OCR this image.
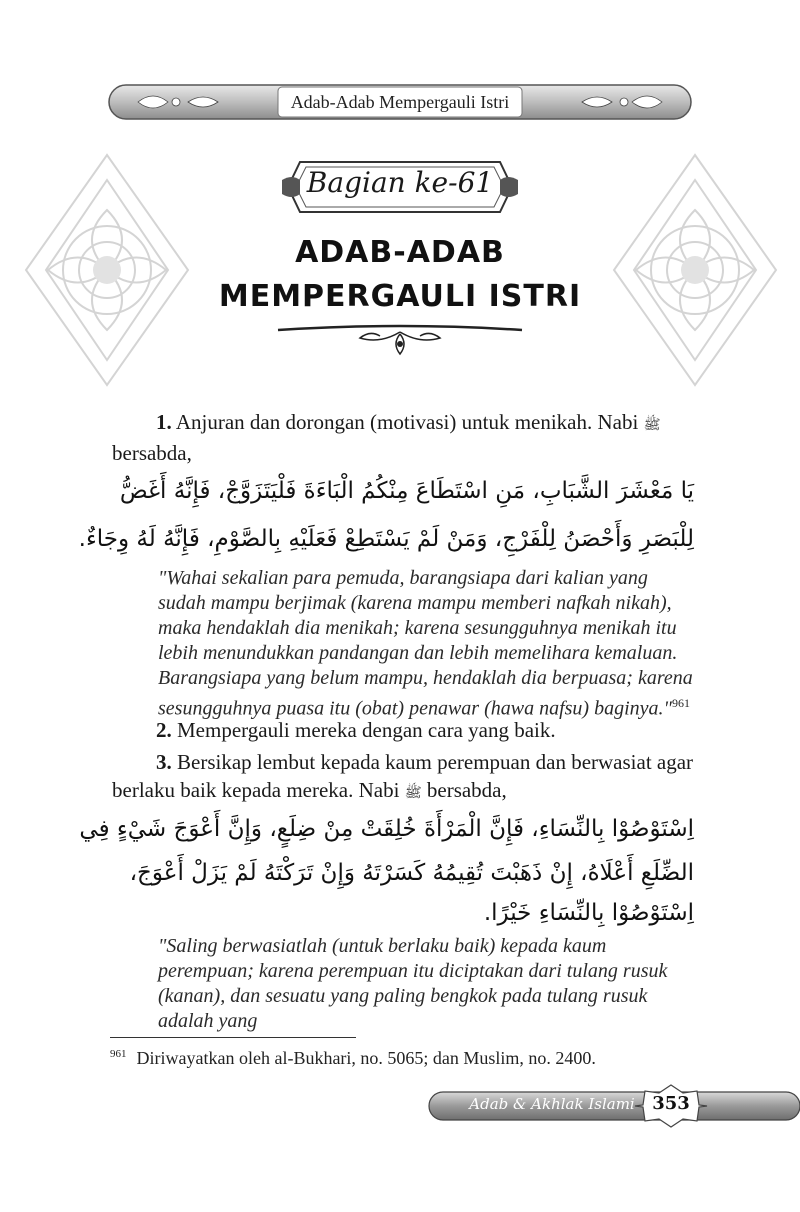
Adab-Adab Mempergauli Istri
Bagian ke-61
ADAB-ADAB
MEMPERGAULI ISTRI

1. Anjuran dan dorongan (motivasi) untuk menikah. Nabi ﷺ bersabda,

يَا مَعْشَرَ الشَّبَابِ، مَنِ اسْتَطَاعَ مِنْكُمُ الْبَاءَةَ فَلْيَتَزَوَّجْ، فَإِنَّهُ أَغَضُّ
لِلْبَصَرِ وَأَحْصَنُ لِلْفَرْجِ، وَمَنْ لَمْ يَسْتَطِعْ فَعَلَيْهِ بِالصَّوْمِ، فَإِنَّهُ لَهُ وِجَاءٌ.

"Wahai sekalian para pemuda, barangsiapa dari kalian yang sudah mampu berjimak (karena mampu memberi nafkah nikah), maka hendaklah dia menikah; karena sesungguhnya menikah itu lebih menundukkan pandangan dan lebih memelihara kemaluan. Barangsiapa yang belum mampu, hendaklah dia berpuasa; karena sesungguhnya puasa itu (obat) penawar (hawa nafsu) baginya."$^{961}$

2. Mempergauli mereka dengan cara yang baik.

3. Bersikap lembut kepada kaum perempuan dan berwasiat agar berlaku baik kepada mereka. Nabi ﷺ bersabda,

اِسْتَوْصُوْا بِالنِّسَاءِ، فَإِنَّ الْمَرْأَةَ خُلِقَتْ مِنْ ضِلَعٍ، وَإِنَّ أَعْوَجَ شَيْءٍ فِي
الضِّلَعِ أَعْلَاهُ، إِنْ ذَهَبْتَ تُقِيمُهُ كَسَرْتَهُ وَإِنْ تَرَكْتَهُ لَمْ يَزَلْ أَعْوَجَ،
اِسْتَوْصُوْا بِالنِّسَاءِ خَيْرًا.

"Saling berwasiatlah (untuk berlaku baik) kepada kaum perempuan; karena perempuan itu diciptakan dari tulang rusuk (kanan), dan sesuatu yang paling bengkok pada tulang rusuk adalah yang

$^{961}$ Diriwayatkan oleh al-Bukhari, no. 5065; dan Muslim, no. 2400.
Adab & Akhlak Islami 353
